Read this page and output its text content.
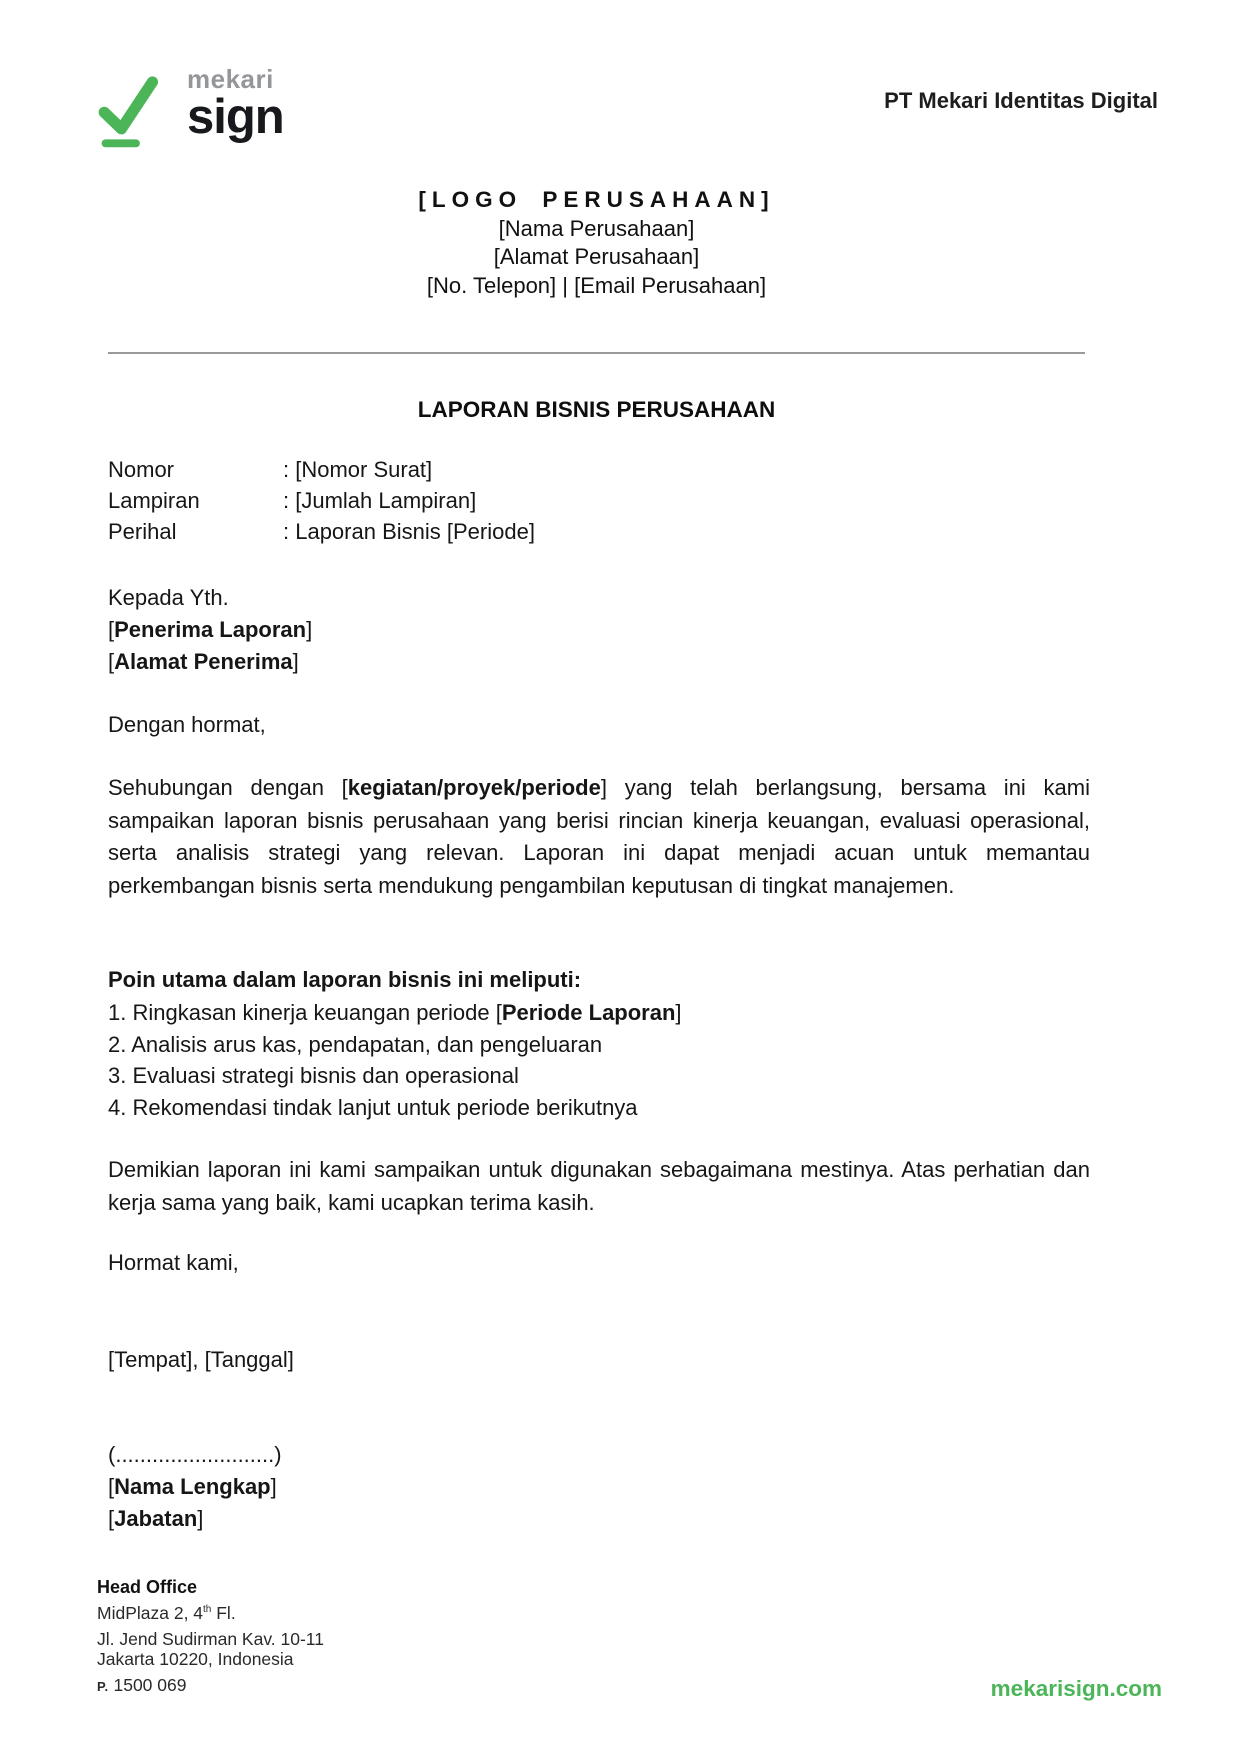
mekari
sign	PT Mekari Identitas Digital
[LOGO PERUSAHAAN]
[Nama Perusahaan]
[Alamat Perusahaan]
[No. Telepon] | [Email Perusahaan]
LAPORAN BISNIS PERUSAHAAN
Nomor	: [Nomor Surat]
Lampiran	: [Jumlah Lampiran]
Perihal	: Laporan Bisnis [Periode]
Kepada Yth.
[Penerima Laporan]
[Alamat Penerima]

Dengan hormat,

Sehubungan dengan [kegiatan/proyek/periode] yang telah berlangsung, bersama ini kami sampaikan laporan bisnis perusahaan yang berisi rincian kinerja keuangan, evaluasi operasional, serta analisis strategi yang relevan. Laporan ini dapat menjadi acuan untuk memantau perkembangan bisnis serta mendukung pengambilan keputusan di tingkat manajemen.

Poin utama dalam laporan bisnis ini meliputi:

1. Ringkasan kinerja keuangan periode [Periode Laporan]
2. Analisis arus kas, pendapatan, dan pengeluaran
3. Evaluasi strategi bisnis dan operasional
4. Rekomendasi tindak lanjut untuk periode berikutnya

Demikian laporan ini kami sampaikan untuk digunakan sebagaimana mestinya. Atas perhatian dan kerja sama yang baik, kami ucapkan terima kasih.

Hormat kami,

[Tempat], [Tanggal]

(..........................)
[Nama Lengkap]
[Jabatan]
Head Office
MidPlaza 2, 4th Fl.
Jl. Jend Sudirman Kav. 10-11
Jakarta 10220, Indonesia
P. 1500 069	mekarisign.com
